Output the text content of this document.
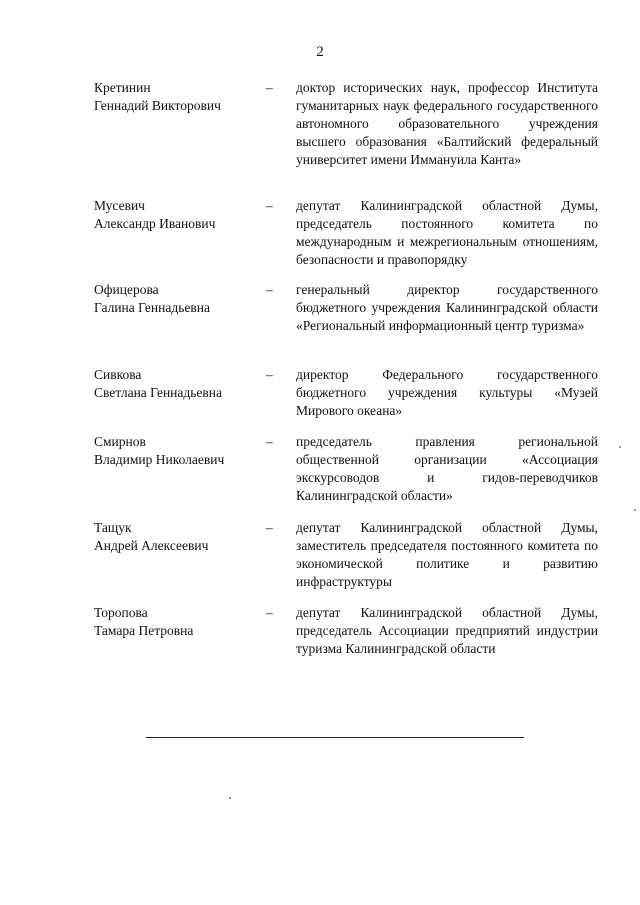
2
Кретинин
Геннадий Викторович
–	доктор исторических наук, профессор Института гуманитарных наук федерального государственного автономного образовательного учреждения высшего образования «Балтийский федеральный университет имени Иммануила Канта»
Мусевич
Александр Иванович
–	депутат Калининградской областной Думы, председатель постоянного комитета по международным и межрегиональным отношениям, безопасности и правопорядку
Офицерова
Галина Геннадьевна
–	генеральный директор государственного бюджетного учреждения Калининградской области «Региональный информационный центр туризма»
Сивкова
Светлана Геннадьевна
–	директор Федерального государственного бюджетного учреждения культуры «Музей Мирового океана»
Смирнов
Владимир Николаевич
–	председатель правления региональной общественной организации «Ассоциация экскурсоводов и гидов-переводчиков Калининградской области»
Тащук
Андрей Алексеевич
–	депутат Калининградской областной Думы, заместитель председателя постоянного комитета по экономической политике и развитию инфраструктуры
Торопова
Тамара Петровна
–	депутат Калининградской областной Думы, председатель Ассоциации предприятий индустрии туризма Калининградской области
